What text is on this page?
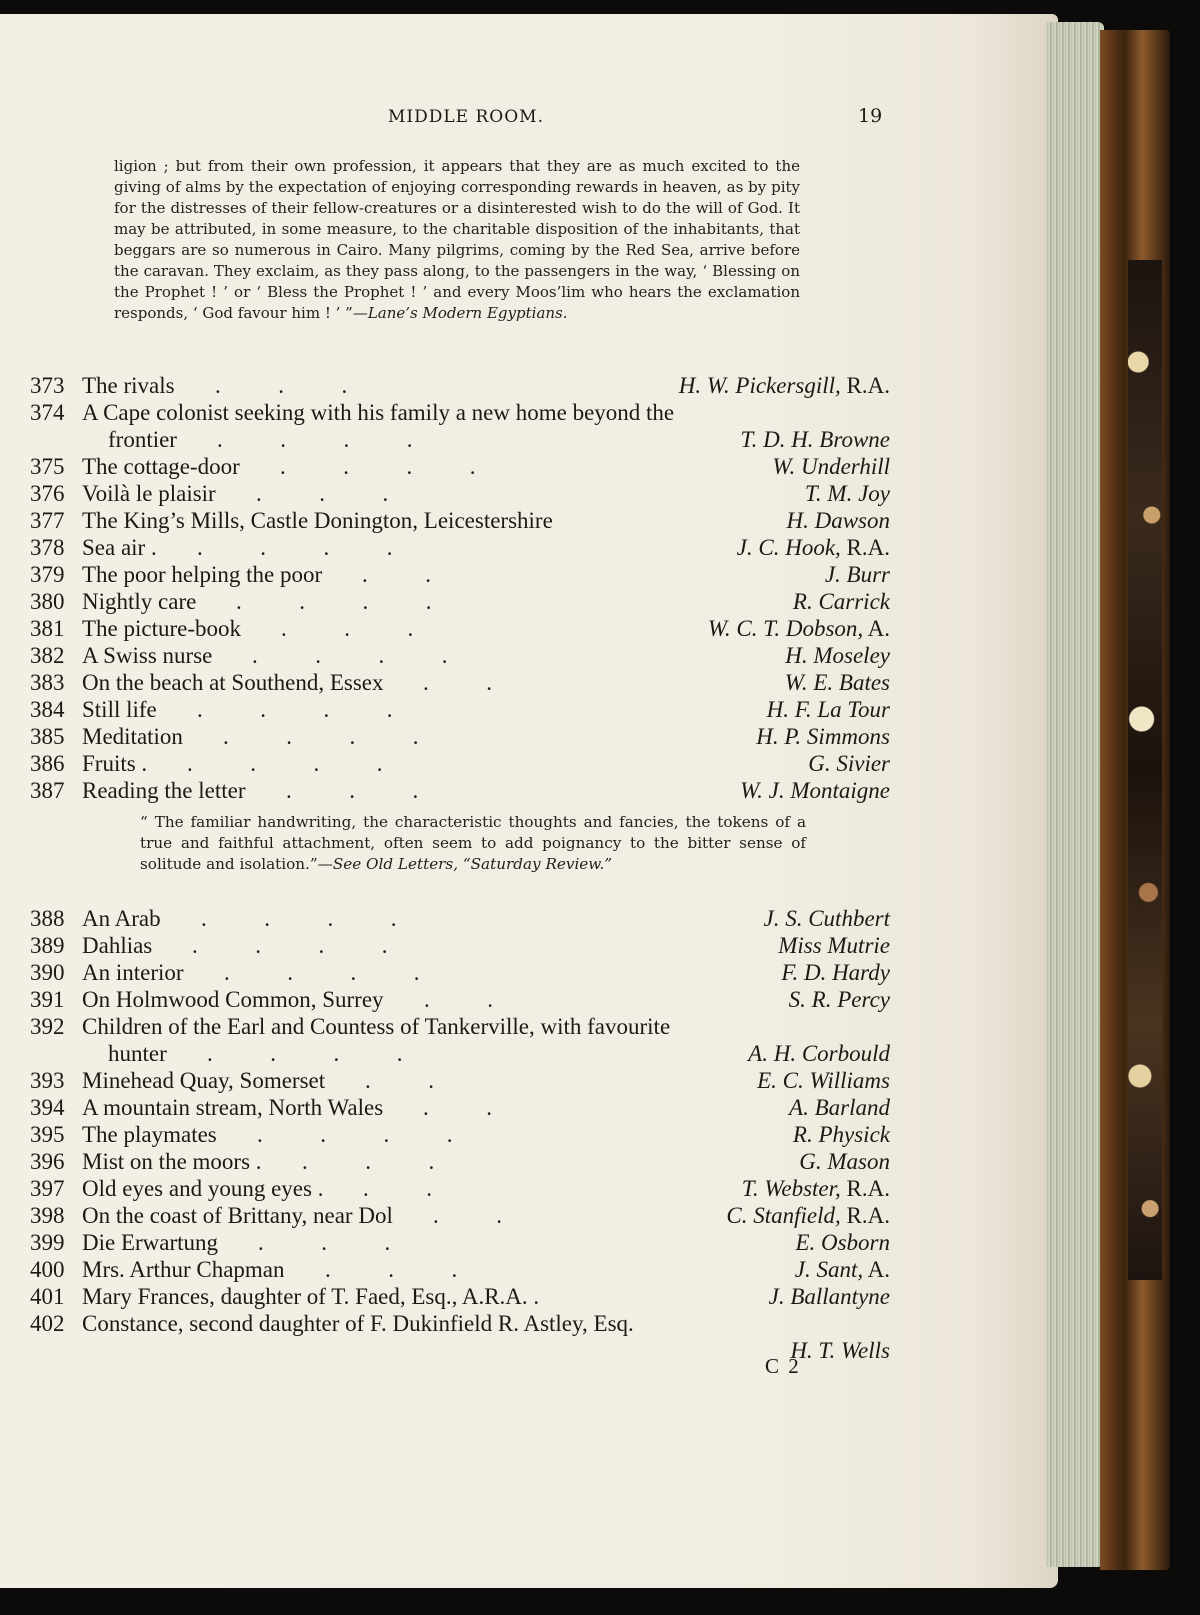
MIDDLE ROOM.	19
ligion ; but from their own profession, it appears that they are as much excited to the giving of alms by the expectation of enjoying corresponding rewards in heaven, as by pity for the distresses of their fellow-creatures or a disinterested wish to do the will of God. It may be attributed, in some measure, to the charitable disposition of the inhabitants, that beggars are so numerous in Cairo. Many pilgrims, coming by the Red Sea, arrive before the caravan. They exclaim, as they pass along, to the passengers in the way, ‘ Blessing on the Prophet ! ’ or ‘ Bless the Prophet ! ’ and every Moos’lim who hears the exclamation responds, ‘ God favour him ! ’ ”—Lane’s Modern Egyptians.
373 The rivals .          .          .	H. W. Pickersgill, R.A.
374 A Cape colonist seeking with his family a new home beyond the
frontier .          .          .          .	T. D. H. Browne
375 The cottage-door .          .          .          .	W. Underhill
376 Voilà le plaisir .          .          .	T. M. Joy
377 The King’s Mills, Castle Donington, Leicestershire	H. Dawson
378 Sea air . .          .          .          .	J. C. Hook, R.A.
379 The poor helping the poor .          .	J. Burr
380 Nightly care .          .          .          .	R. Carrick
381 The picture-book .          .          .	W. C. T. Dobson, A.
382 A Swiss nurse .          .          .          .	H. Moseley
383 On the beach at Southend, Essex .          .	W. E. Bates
384 Still life .          .          .          .	H. F. La Tour
385 Meditation .          .          .          .	H. P. Simmons
386 Fruits . .          .          .          .	G. Sivier
387 Reading the letter .          .          .	W. J. Montaigne
“ The familiar handwriting, the characteristic thoughts and fancies, the tokens of a true and faithful attachment, often seem to add poignancy to the bitter sense of solitude and isolation.”—See Old Letters, “Saturday Review.”
388 An Arab .          .          .          .	J. S. Cuthbert
389 Dahlias .          .          .          .	Miss Mutrie
390 An interior .          .          .          .	F. D. Hardy
391 On Holmwood Common, Surrey .          .	S. R. Percy
392 Children of the Earl and Countess of Tankerville, with favourite
hunter .          .          .          .	A. H. Corbould
393 Minehead Quay, Somerset .          .	E. C. Williams
394 A mountain stream, North Wales .          .	A. Barland
395 The playmates .          .          .          .	R. Physick
396 Mist on the moors . .          .          .	G. Mason
397 Old eyes and young eyes . .          .	T. Webster, R.A.
398 On the coast of Brittany, near Dol .          .	C. Stanfield, R.A.
399 Die Erwartung .          .          .	E. Osborn
400 Mrs. Arthur Chapman .          .          .	J. Sant, A.
401 Mary Frances, daughter of T. Faed, Esq., A.R.A. .	J. Ballantyne
402 Constance, second daughter of F. Dukinfield R. Astley, Esq.
H. T. Wells
C 2
